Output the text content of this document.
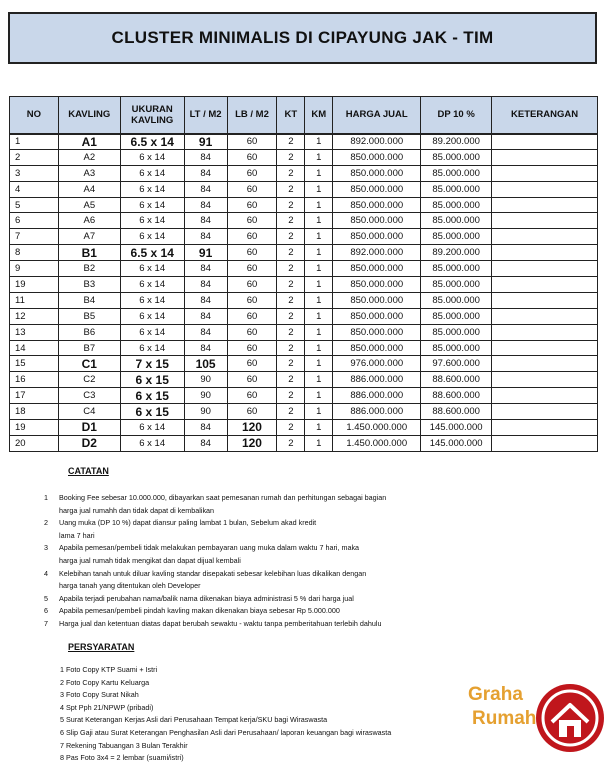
CLUSTER MINIMALIS DI CIPAYUNG JAK - TIM
NO	KAVLING	UKURAN KAVLING	LT / M2	LB / M2	KT	KM	HARGA JUAL	DP 10 %	KETERANGAN
1	A1	6.5 x 14	91	60	2	1	892.000.000	89.200.000	
2	A2	6 x 14	84	60	2	1	850.000.000	85.000.000	
3	A3	6 x 14	84	60	2	1	850.000.000	85.000.000	
4	A4	6 x 14	84	60	2	1	850.000.000	85.000.000	
5	A5	6 x 14	84	60	2	1	850.000.000	85.000.000	
6	A6	6 x 14	84	60	2	1	850.000.000	85.000.000	
7	A7	6 x 14	84	60	2	1	850.000.000	85.000.000	
8	B1	6.5 x 14	91	60	2	1	892.000.000	89.200.000	
9	B2	6 x 14	84	60	2	1	850.000.000	85.000.000	
19	B3	6 x 14	84	60	2	1	850.000.000	85.000.000	
11	B4	6 x 14	84	60	2	1	850.000.000	85.000.000	
12	B5	6 x 14	84	60	2	1	850.000.000	85.000.000	
13	B6	6 x 14	84	60	2	1	850.000.000	85.000.000	
14	B7	6 x 14	84	60	2	1	850.000.000	85.000.000	
15	C1	7 x 15	105	60	2	1	976.000.000	97.600.000	
16	C2	6 x 15	90	60	2	1	886.000.000	88.600.000	
17	C3	6 x 15	90	60	2	1	886.000.000	88.600.000	
18	C4	6 x 15	90	60	2	1	886.000.000	88.600.000	
19	D1	6 x 14	84	120	2	1	1.450.000.000	145.000.000	
20	D2	6 x 14	84	120	2	1	1.450.000.000	145.000.000	
CATATAN
1	Booking Fee sebesar 10.000.000, dibayarkan saat pemesanan rumah dan perhitungan sebagai bagian
harga jual rumahh dan tidak dapat di kembalikan
2	Uang muka (DP 10 %) dapat diansur paling lambat 1 bulan, Sebelum akad kredit
lama 7 hari
3	Apabila pemesan/pembeli tidak melakukan pembayaran uang muka dalam waktu 7 hari, maka
harga jual rumah tidak mengikat dan dapat dijual kembali
4	Kelebihan tanah untuk diluar kavling standar disepakati sebesar kelebihan luas dikalikan dengan
harga tanah yang ditentukan oleh Developer
5	Apabila terjadi perubahan nama/balik nama dikenakan biaya administrasi 5 % dari harga jual
6	Apabila pemesan/pembeli pindah kavling makan dikenakan biaya sebesar Rp 5.000.000
7	Harga jual dan ketentuan diatas dapat berubah sewaktu - waktu tanpa pemberitahuan terlebih dahulu
PERSYARATAN
1 Foto Copy KTP Suami + Istri
2 Foto Copy Kartu Keluarga
3 Foto Copy Surat Nikah
4 Spt Pph 21/NPWP (pribadi)
5 Surat Keterangan Kerjas Asli dari Perusahaan Tempat kerja/SKU bagi Wiraswasta
6 Slip Gaji atau Surat Keterangan Penghasilan Asli dari Perusahaan/ laporan keuangan bagi wiraswasta
7 Rekening Tabuangan 3 Bulan Terakhir
8 Pas Foto 3x4 = 2 lembar (suami/istri)
Graha
Rumah
